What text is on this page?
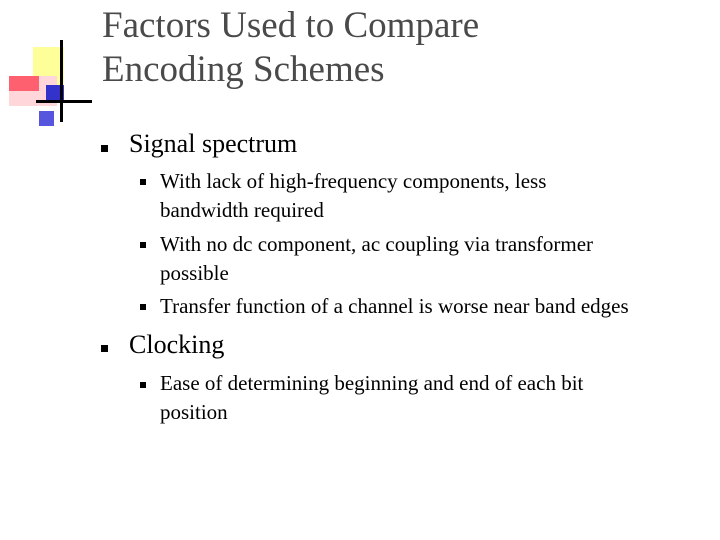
Factors Used to Compare
Encoding Schemes
Signal spectrum
With lack of high-frequency components, less
bandwidth required
With no dc component, ac coupling via transformer
possible
Transfer function of a channel is worse near band edges
Clocking
Ease of determining beginning and end of each bit
position
